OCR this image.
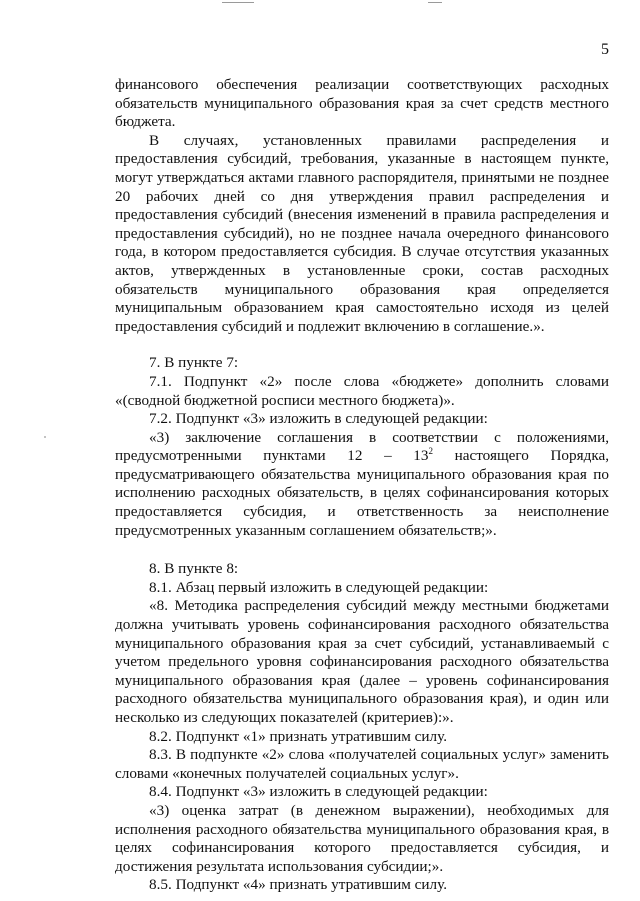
5

финансового обеспечения реализации соответствующих расходных обязательств муниципального образования края за счет средств местного бюджета.

В случаях, установленных правилами распределения и предоставления субсидий, требования, указанные в настоящем пункте, могут утверждаться актами главного распорядителя, принятыми не позднее 20 рабочих дней со дня утверждения правил распределения и предоставления субсидий (внесения изменений в правила распределения и предоставления субсидий), но не позднее начала очередного финансового года, в котором предоставляется субсидия. В случае отсутствия указанных актов, утвержденных в установленные сроки, состав расходных обязательств муниципального образования края определяется муниципальным образованием края самостоятельно исходя из целей предоставления субсидий и подлежит включению в соглашение.».

7. В пункте 7:

7.1. Подпункт «2» после слова «бюджете» дополнить словами «(сводной бюджетной росписи местного бюджета)».

7.2. Подпункт «3» изложить в следующей редакции:

«3) заключение соглашения в соответствии с положениями, предусмотренными пунктами $12 - 13^2$ настоящего Порядка, предусматривающего обязательства муниципального образования края по исполнению расходных обязательств, в целях софинансирования которых предоставляется субсидия, и ответственность за неисполнение предусмотренных указанным соглашением обязательств;».

8. В пункте 8:

8.1. Абзац первый изложить в следующей редакции:

«8. Методика распределения субсидий между местными бюджетами должна учитывать уровень софинансирования расходного обязательства муниципального образования края за счет субсидий, устанавливаемый с учетом предельного уровня софинансирования расходного обязательства муниципального образования края (далее – уровень софинансирования расходного обязательства муниципального образования края), и один или несколько из следующих показателей (критериев):».

8.2. Подпункт «1» признать утратившим силу.

8.3. В подпункте «2» слова «получателей социальных услуг» заменить словами «конечных получателей социальных услуг».

8.4. Подпункт «3» изложить в следующей редакции:

«3) оценка затрат (в денежном выражении), необходимых для исполнения расходного обязательства муниципального образования края, в целях софинансирования которого предоставляется субсидия, и достижения результата использования субсидии;».

8.5. Подпункт «4» признать утратившим силу.
